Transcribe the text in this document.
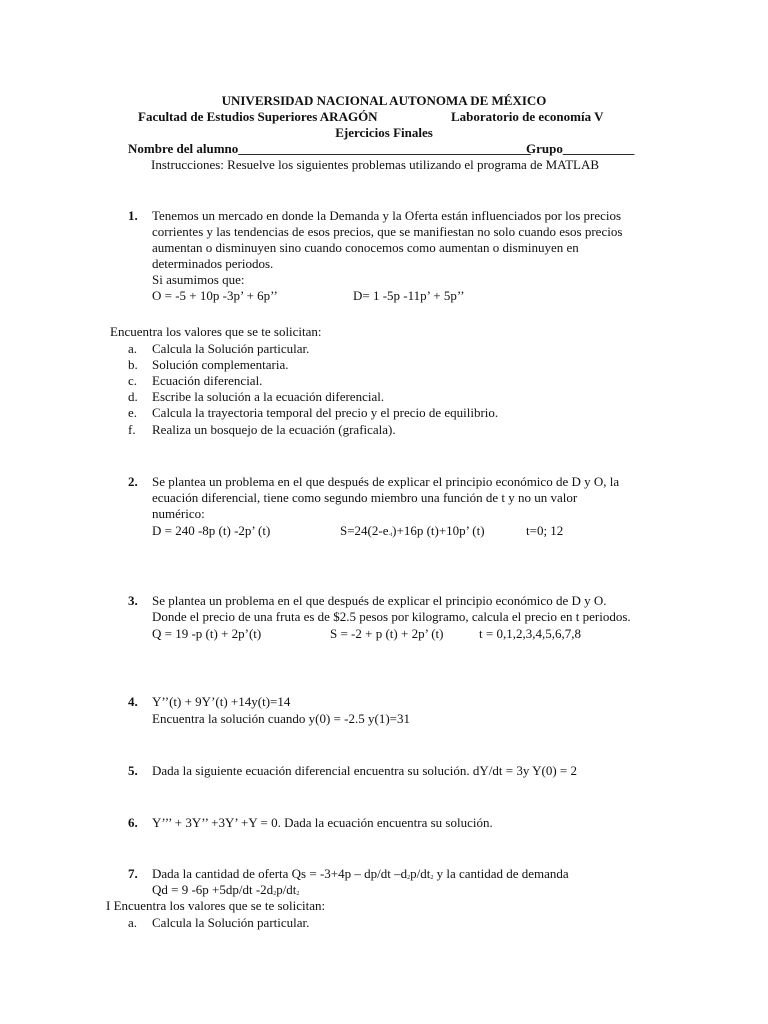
UNIVERSIDAD NACIONAL AUTONOMA DE MÉXICO
Facultad de Estudios Superiores ARAGÓN	Laboratorio de economía V
Ejercicios Finales
Nombre del alumno_____________________________________________
Grupo___________
Instrucciones: Resuelve los siguientes problemas utilizando el programa de MATLAB
1. Tenemos un mercado en donde la Demanda y la Oferta están influenciados por los precios
corrientes y las tendencias de esos precios, que se manifiestan no solo cuando esos precios
aumentan o disminuyen sino cuando conocemos como aumentan o disminuyen en
determinados periodos.
Si asumimos que:
O = -5 + 10p -3p’ + 6p’’	D= 1 -5p -11p’ + 5p’’
Encuentra los valores que se te solicitan:
a. Calcula la Solución particular.
b. Solución complementaria.
c. Ecuación diferencial.
d. Escribe la solución a la ecuación diferencial.
e. Calcula la trayectoria temporal del precio y el precio de equilibrio.
f. Realiza un bosquejo de la ecuación (graficala).
2. Se plantea un problema en el que después de explicar el principio económico de D y O, la
ecuación diferencial, tiene como segundo miembro una función de t y no un valor
numérico:
D = 240 -8p (t) -2p’ (t)	$S=24(2-e_{-t})+16p$ (t)+10p’ (t)	t=0; 12
3. Se plantea un problema en el que después de explicar el principio económico de D y O.
Donde el precio de una fruta es de $2.5 pesos por kilogramo, calcula el precio en t periodos.
Q = 19 -p (t) + 2p’(t)	S = -2 + p (t) + 2p’ (t)	t = 0,1,2,3,4,5,6,7,8
4. Y’’(t) + 9Y’(t) +14y(t)=14
Encuentra la solución cuando y(0) = -2.5 y(1)=31
5. Dada la siguiente ecuación diferencial encuentra su solución. dY/dt = 3y Y(0) = 2
6. Y’’’ + 3Y’’ +3Y’ +Y = 0. Dada la ecuación encuentra su solución.
7. Dada la cantidad de oferta Qs = -3+4p – dp/dt $-d_2p/dt_2$ y la cantidad de demanda
Qd = 9 -6p +5dp/dt $-2d_2p/dt_2$
I Encuentra los valores que se te solicitan:
a. Calcula la Solución particular.
